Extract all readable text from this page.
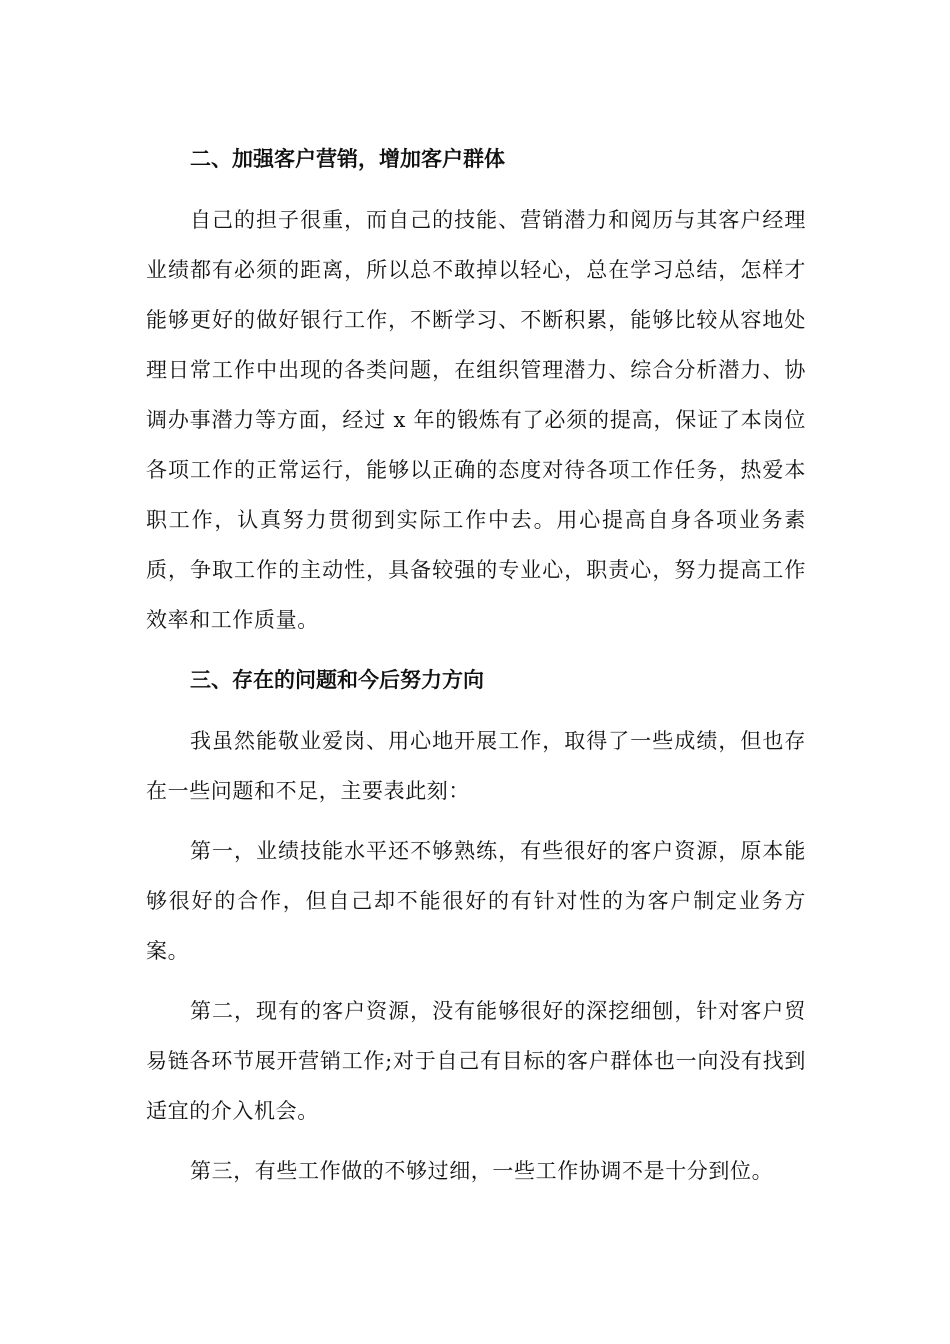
二、加强客户营销，增加客户群体

自己的担子很重，而自己的技能、营销潜力和阅历与其客户经理业绩都有必须的距离，所以总不敢掉以轻心，总在学习总结，怎样才能够更好的做好银行工作，不断学习、不断积累，能够比较从容地处理日常工作中出现的各类问题，在组织管理潜力、综合分析潜力、协调办事潜力等方面，经过 x 年的锻炼有了必须的提高，保证了本岗位各项工作的正常运行，能够以正确的态度对待各项工作任务，热爱本职工作，认真努力贯彻到实际工作中去。用心提高自身各项业务素质，争取工作的主动性，具备较强的专业心，职责心，努力提高工作效率和工作质量。

三、存在的问题和今后努力方向

我虽然能敬业爱岗、用心地开展工作，取得了一些成绩，但也存在一些问题和不足，主要表此刻：

第一，业绩技能水平还不够熟练，有些很好的客户资源，原本能够很好的合作，但自己却不能很好的有针对性的为客户制定业务方案。

第二，现有的客户资源，没有能够很好的深挖细刨，针对客户贸易链各环节展开营销工作;对于自己有目标的客户群体也一向没有找到适宜的介入机会。

第三，有些工作做的不够过细，一些工作协调不是十分到位。
